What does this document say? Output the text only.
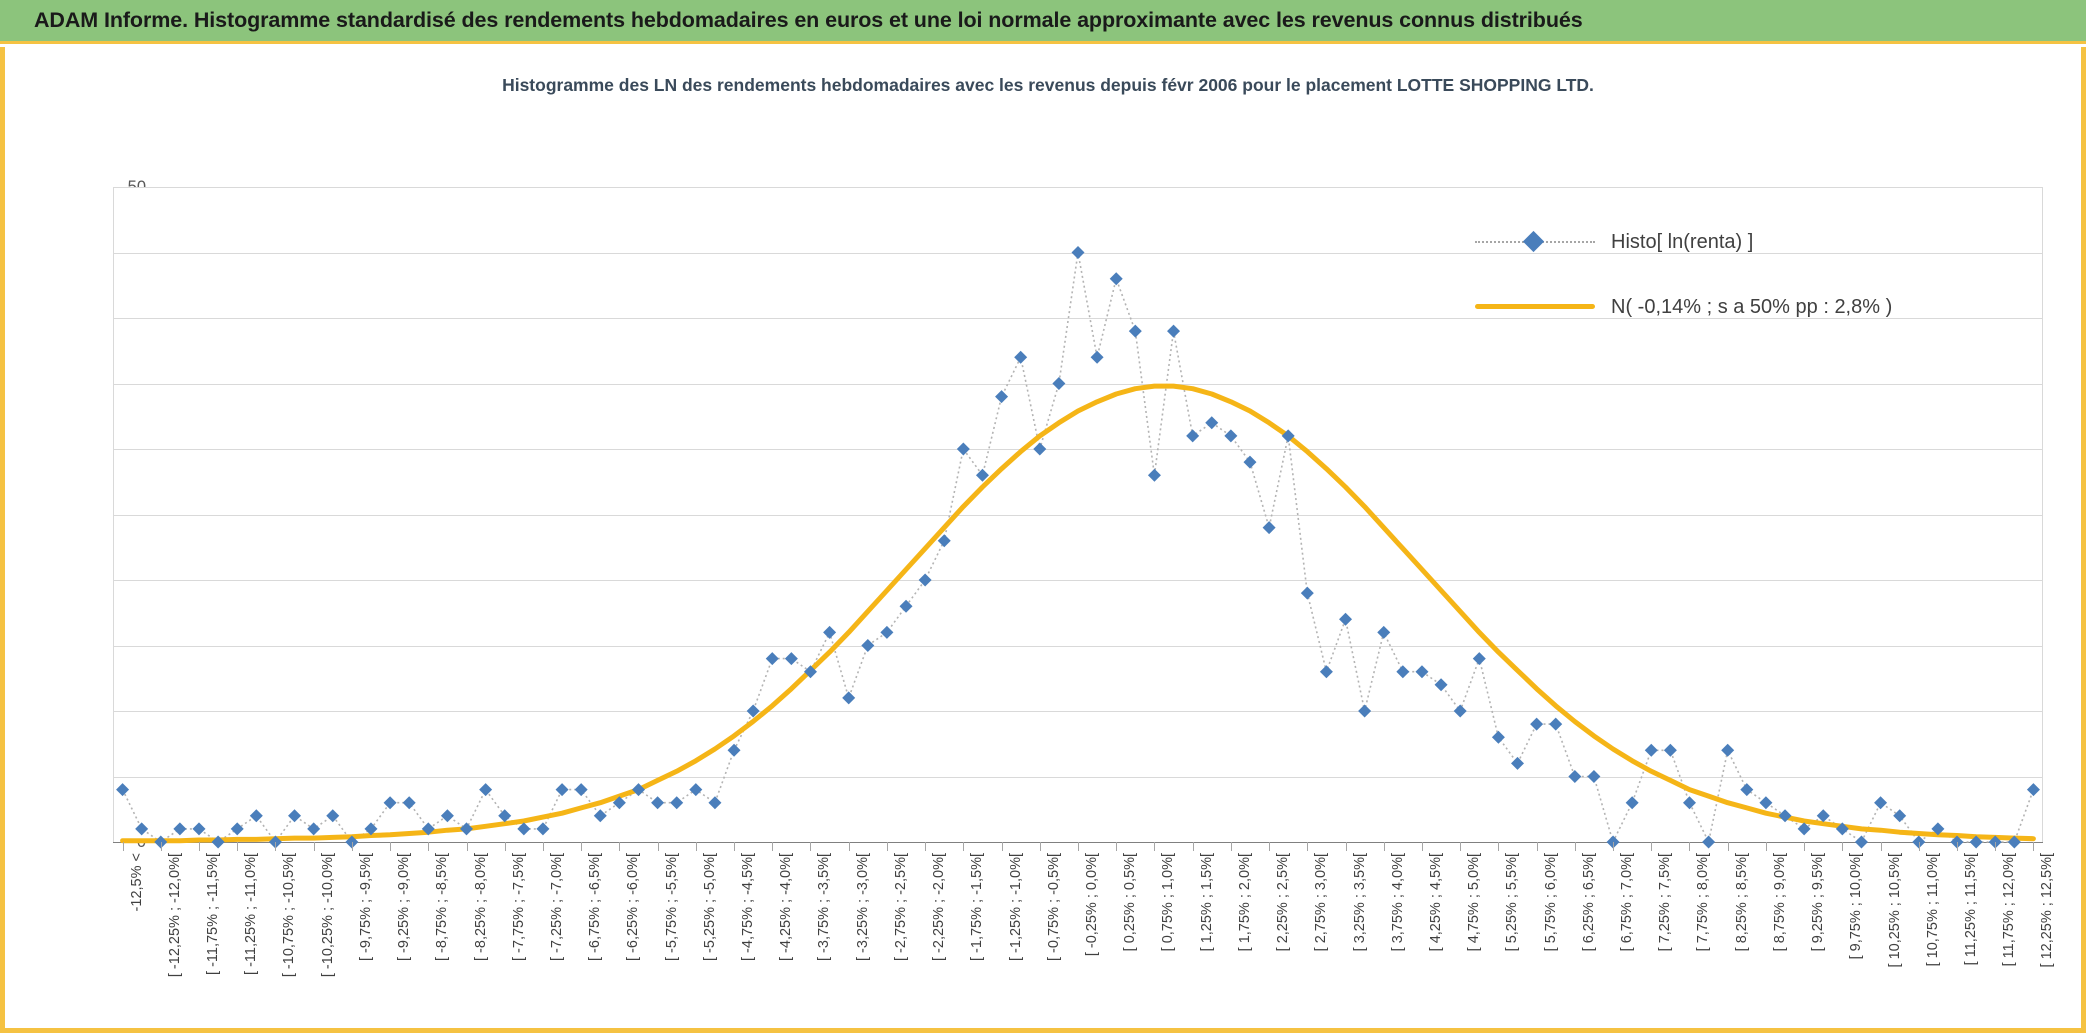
ADAM Informe. Histogramme standardisé des rendements hebdomadaires en euros et une loi normale approximante avec les revenus connus distribués
Histogramme des LN des rendements hebdomadaires avec les revenus depuis févr 2006 pour le placement LOTTE SHOPPING LTD.
-12,5% < [ -12,25% ; -12,0%[ [ -11,75% ; -11,5%[ [ -11,25% ; -11,0%[ [ -10,75% ; -10,5%[ [ -10,25% ; -10,0%[ [ -9,75% ; -9,5%[ [ -9,25% ; -9,0%[ [ -8,75% ; -8,5%[ [ -8,25% ; -8,0%[ [ -7,75% ; -7,5%[ [ -7,25% ; -7,0%[ [ -6,75% ; -6,5%[ [ -6,25% ; -6,0%[ [ -5,75% ; -5,5%[ [ -5,25% ; -5,0%[ [ -4,75% ; -4,5%[ [ -4,25% ; -4,0%[ [ -3,75% ; -3,5%[ [ -3,25% ; -3,0%[ [ -2,75% ; -2,5%[ [ -2,25% ; -2,0%[ [ -1,75% ; -1,5%[ [ -1,25% ; -1,0%[ [ -0,75% ; -0,5%[ [ -0,25% ; 0,0%[ [ 0,25% ; 0,5%[ [ 0,75% ; 1,0%[ [ 1,25% ; 1,5%[ [ 1,75% ; 2,0%[ [ 2,25% ; 2,5%[ [ 2,75% ; 3,0%[ [ 3,25% ; 3,5%[ [ 3,75% ; 4,0%[ [ 4,25% ; 4,5%[ [ 4,75% ; 5,0%[ [ 5,25% ; 5,5%[ [ 5,75% ; 6,0%[ [ 6,25% ; 6,5%[ [ 6,75% ; 7,0%[ [ 7,25% ; 7,5%[ [ 7,75% ; 8,0%[ [ 8,25% ; 8,5%[ [ 8,75% ; 9,0%[ [ 9,25% ; 9,5%[ [ 9,75% ; 10,0%[ [ 10,25% ; 10,5%[ [ 10,75% ; 11,0%[ [ 11,25% ; 11,5%[ [ 11,75% ; 12,0%[ [ 12,25% ; 12,5%[
Histo[ ln(renta) ]
N( -0,14% ; s a 50% pp : 2,8% )
